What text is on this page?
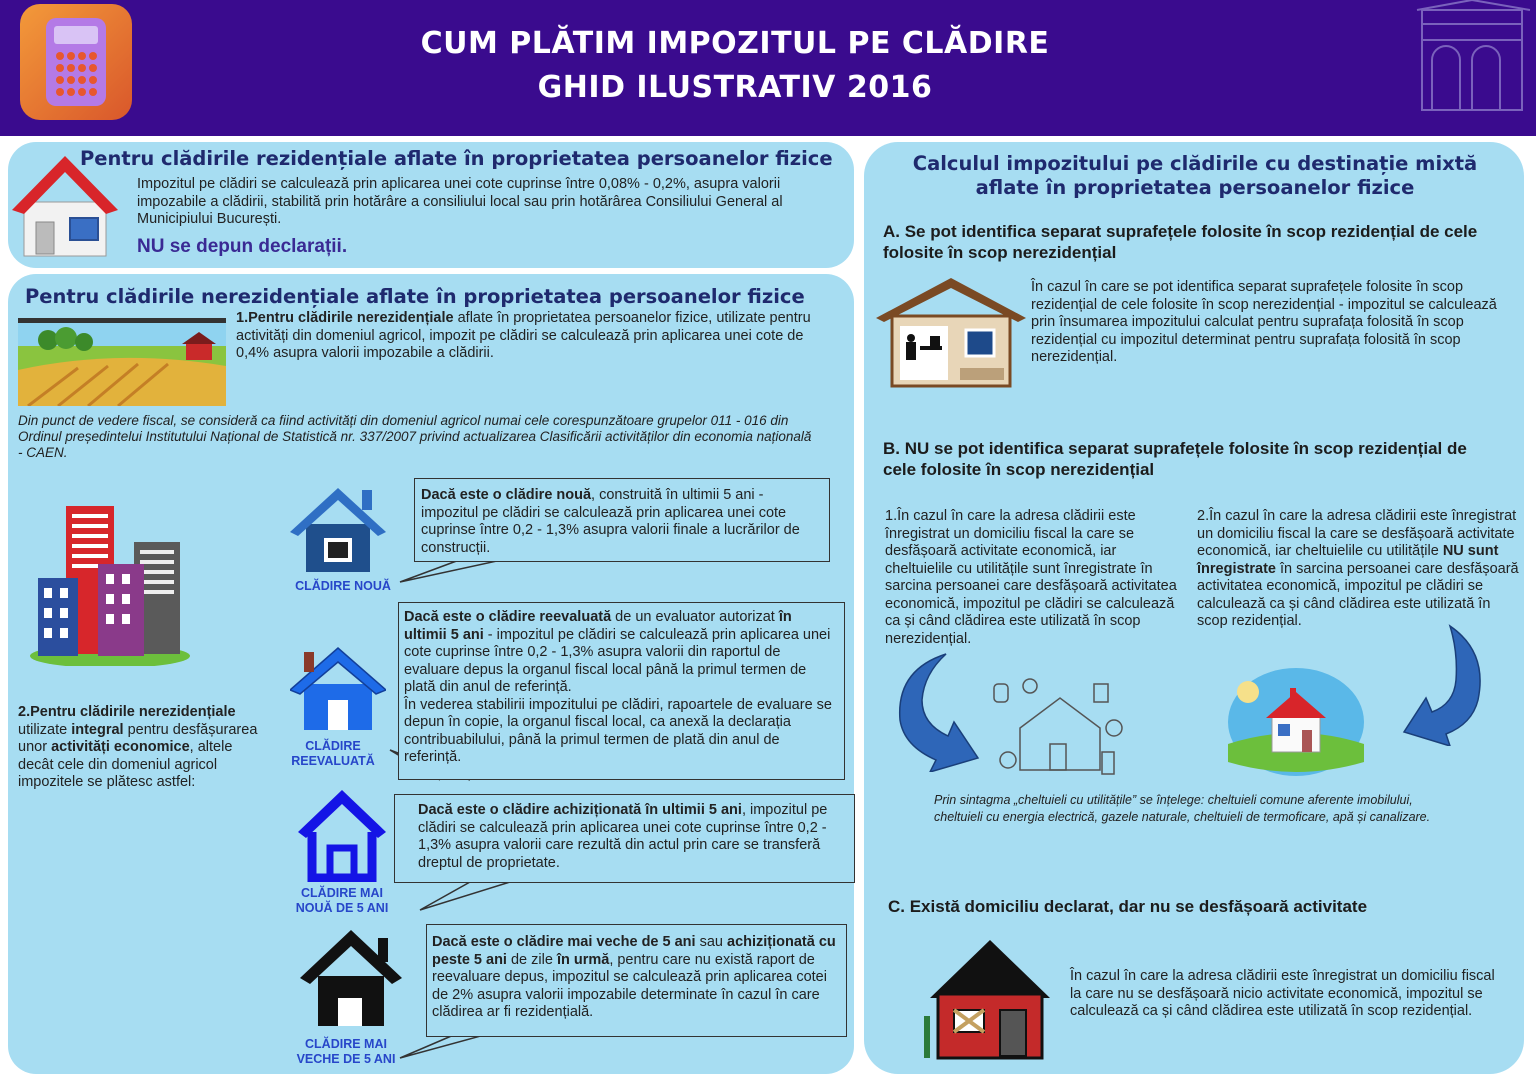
CUM PLĂTIM IMPOZITUL PE CLĂDIRE
GHID ILUSTRATIV 2016
Pentru clădirile rezidențiale aflate în proprietatea persoanelor fizice
Impozitul pe clădiri se calculează prin aplicarea unei cote cuprinse între 0,08% - 0,2%, asupra valorii impozabile a clădirii, stabilită prin hotărâre a consiliului local sau prin hotărârea Consiliului General al Municipiului București.
NU se depun declarații.
Pentru clădirile nerezidențiale aflate în proprietatea persoanelor fizice
1.Pentru clădirile nerezidențiale aflate în proprietatea persoanelor fizice, utilizate pentru activități din domeniul agricol, impozit pe clădiri se calculează prin aplicarea unei cote de 0,4% asupra valorii impozabile a clădirii.
Din punct de vedere fiscal, se consideră ca fiind activități din domeniul agricol numai cele corespunzătoare grupelor 011 - 016 din Ordinul președintelui Institutului Național de Statistică nr. 337/2007 privind actualizarea Clasificării activităților din economia națională - CAEN.
2.Pentru clădirile nerezidențiale utilizate integral pentru desfășurarea unor activități economice, altele decât cele din domeniul agricol impozitele se plătesc astfel:
CLĂDIRE NOUĂ
Dacă este o clădire nouă, construită în ultimii 5 ani - impozitul pe clădiri se calculează prin aplicarea unei cote cuprinse între 0,2 - 1,3% asupra valorii finale a lucrărilor de construcții.
CLĂDIRE REEVALUATĂ
Dacă este o clădire reevaluată de un evaluator autorizat în ultimii 5 ani - impozitul pe clădiri se calculează prin aplicarea unei cote cuprinse între 0,2 - 1,3% asupra valorii din raportul de evaluare depus la organul fiscal local până la primul termen de plată din anul de referință.
În vederea stabilirii impozitului pe clădiri, rapoartele de evaluare se depun în copie, la organul fiscal local, ca anexă la declarația contribuabilului, până la primul termen de plată din anul de referință.
CLĂDIRE MAI NOUĂ DE 5 ANI
Dacă este o clădire achiziționată în ultimii 5 ani, impozitul pe clădiri se calculează prin aplicarea unei cote cuprinse între 0,2 - 1,3% asupra valorii care rezultă din actul prin care se transferă dreptul de proprietate.
CLĂDIRE MAI VECHE DE 5 ANI
Dacă este o clădire mai veche de 5 ani sau achiziționată cu peste 5 ani de zile în urmă, pentru care nu există raport de reevaluare depus, impozitul se calculează prin aplicarea cotei de 2% asupra valorii impozabile determinate în cazul în care clădirea ar fi rezidențială.
Calculul impozitului pe clădirile cu destinație mixtă
aflate în proprietatea persoanelor fizice
A. Se pot identifica separat suprafețele folosite în scop rezidențial de cele folosite în scop nerezidențial
În cazul în care se pot identifica separat suprafețele folosite în scop rezidențial de cele folosite în scop nerezidențial - impozitul se calculează prin însumarea impozitului calculat pentru suprafața folosită în scop rezidențial cu impozitul determinat pentru suprafața folosită în scop nerezidențial.
B. NU se pot identifica separat suprafețele folosite în scop rezidențial de cele folosite în scop nerezidențial
1.În cazul în care la adresa clădirii este înregistrat un domiciliu fiscal la care se desfășoară activitate economică, iar cheltuielile cu utilitățile sunt înregistrate în sarcina persoanei care desfășoară activitatea economică, impozitul pe clădiri se calculează ca și când clădirea este utilizată în scop nerezidențial.
2.În cazul în care la adresa clădirii este înregistrat un domiciliu fiscal la care se desfășoară activitate economică, iar cheltuielile cu utilitățile NU sunt înregistrate în sarcina persoanei care desfășoară activitatea economică, impozitul pe clădiri se calculează ca și când clădirea este utilizată în scop rezidențial.
Prin sintagma „cheltuieli cu utilitățile” se înțelege: cheltuieli comune aferente imobilului, cheltuieli cu energia electrică, gazele naturale, cheltuieli de termoficare, apă și canalizare.
C. Există domiciliu declarat, dar nu se desfășoară activitate
În cazul în care la adresa clădirii este înregistrat un domiciliu fiscal la care nu se desfășoară nicio activitate economică, impozitul se calculează ca și când clădirea este utilizată în scop rezidențial.
